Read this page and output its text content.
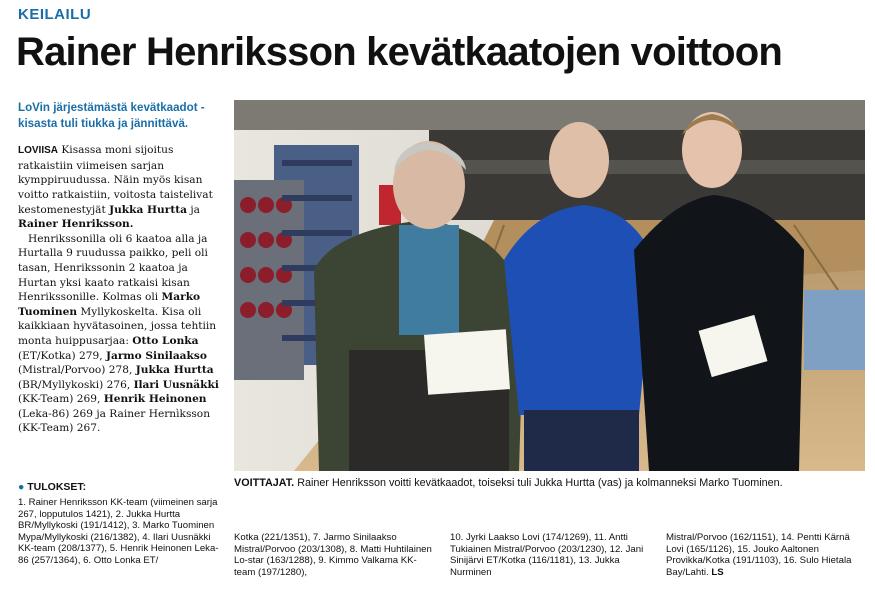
KEILAILU
Rainer Henriksson kevätkaatojen voittoon

LoVin järjestämästä kevätkaadot -kisasta tuli tiukka ja jännittävä.

LOVIISA Kisassa moni sijoitus ratkaistiin viimeisen sarjan kymppiruudussa. Näin myös kisan voitto ratkaistiin, voitosta taistelivat kestomenestyjät Jukka Hurtta ja Rainer Henriksson.

Henrikssonilla oli 6 kaatoa alla ja Hurtalla 9 ruudussa paikko, peli oli tasan, Henrikssonin 2 kaatoa ja Hurtan yksi kaato ratkaisi kisan Henrikssonille. Kolmas oli Marko Tuominen Myllykoskelta. Kisa oli kaikkiaan hyvätasoinen, jossa tehtiin monta huippusarjaa: Otto Lonka (ET/Kotka) 279, Jarmo Sinilaakso (Mistral/Porvoo) 278, Jukka Hurtta (BR/Myllykoski) 276, Ilari Uusnäkki (KK-Team) 269, Henrik Heinonen (Leka-86) 269 ja Rainer Hernìksson (KK-Team) 267.

● TULOKSET:
1. Rainer Henriksson KK-team (viimeinen sarja 267, lopputulos 1421), 2. Jukka Hurtta BR/Myllykoski (191/1412), 3. Marko Tuominen Mypa/Myllykoski (216/1382), 4. Ilari Uusnäkki KK-team (208/1377), 5. Henrik Heinonen Leka-86 (257/1364), 6. Otto Lonka ET/
Kotka (221/1351), 7. Jarmo Sinilaakso Mistral/Porvoo (203/1308), 8. Matti Huhtilainen Lo-star (163/1288), 9. Kimmo Valkama KK-team (197/1280),
10. Jyrki Laakso Lovi (174/1269), 11. Antti Tukiainen Mistral/Porvoo (203/1230), 12. Jani Sinijärvi ET/Kotka (116/1181), 13. Jukka Nurminen
Mistral/Porvoo (162/1151), 14. Pentti Kärnä Lovi (165/1126), 15. Jouko Aaltonen Provikka/Kotka (191/1103), 16. Sulo Hietala Bay/Lahti. LS
VOITTAJAT. Rainer Henriksson voitti kevätkaadot, toiseksi tuli Jukka Hurtta (vas) ja kolmanneksi Marko Tuominen.
